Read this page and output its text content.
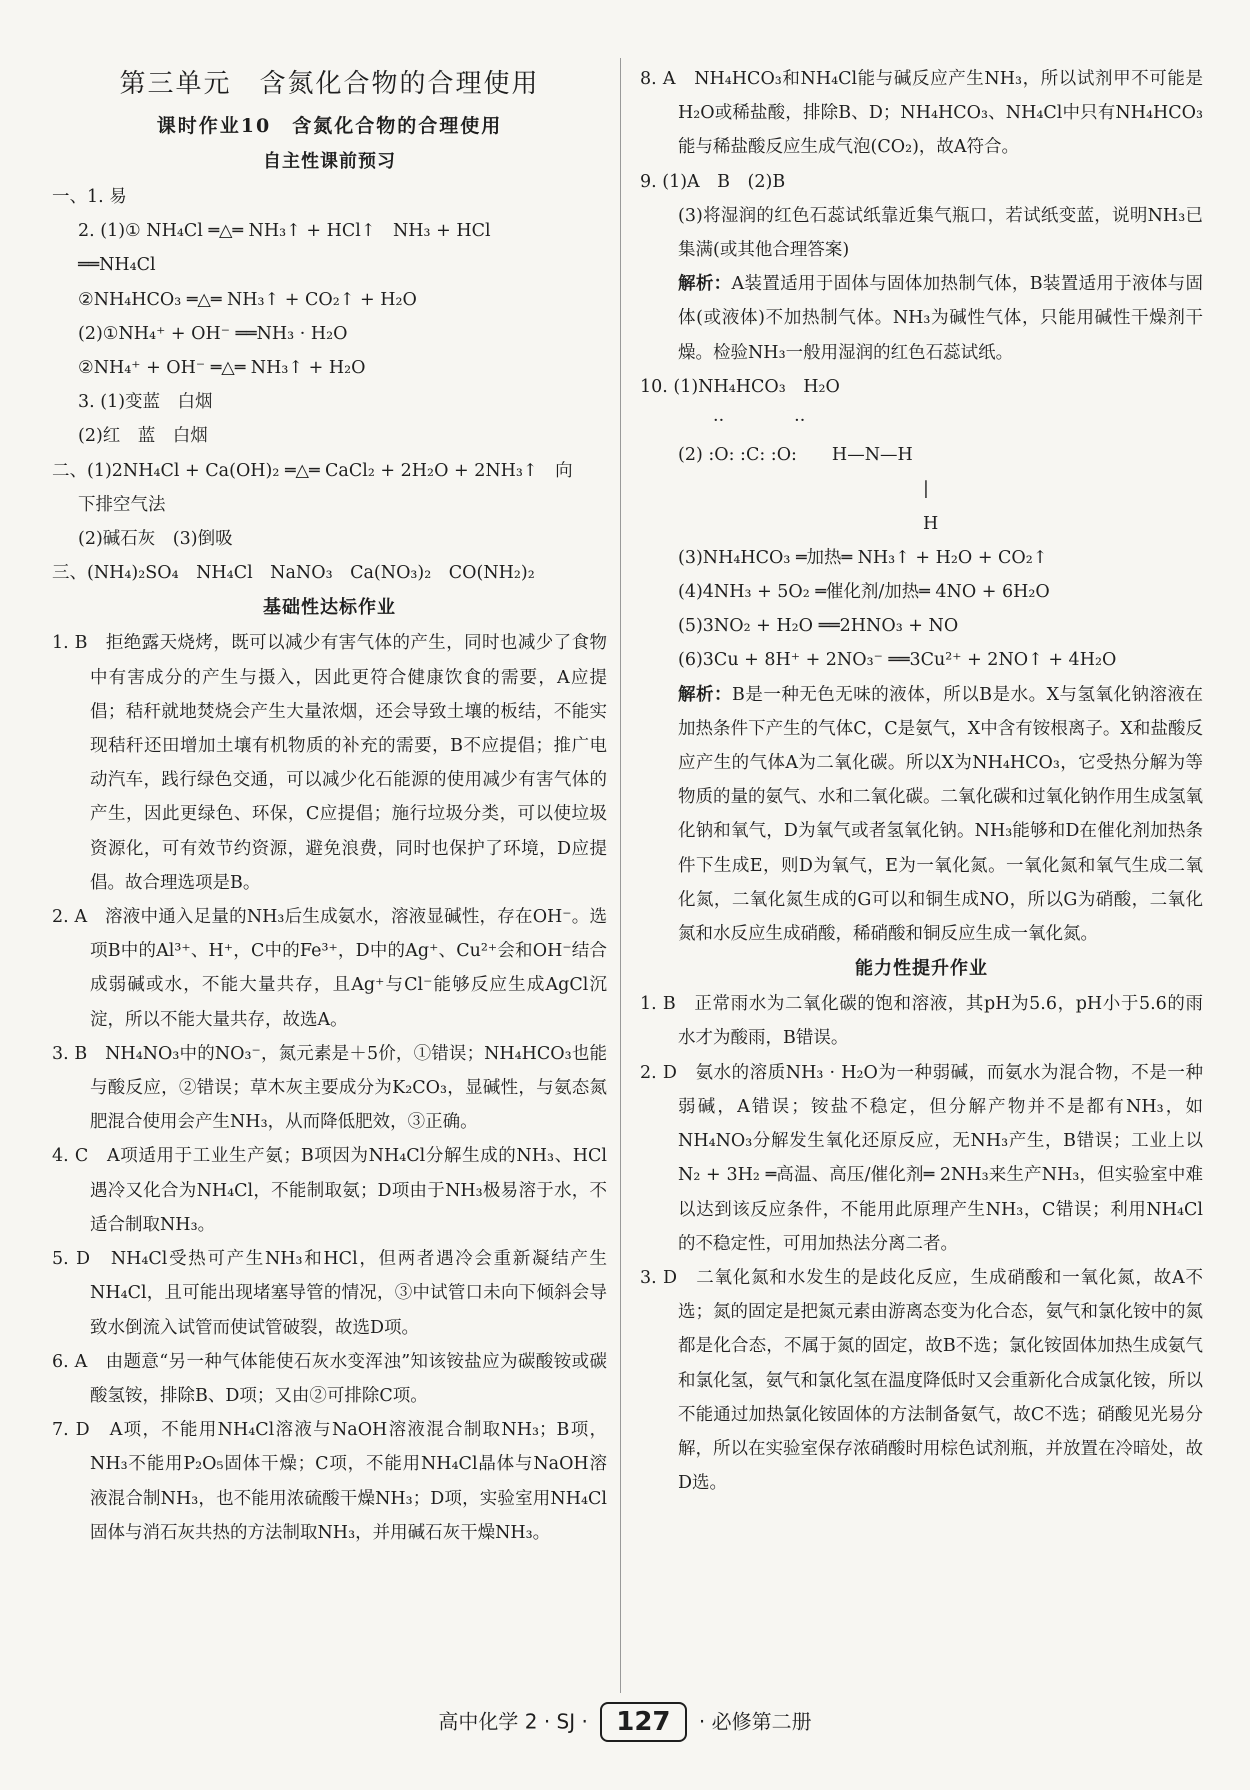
第三单元　含氮化合物的合理使用
课时作业10　含氮化合物的合理使用
自主性课前预习
一、1. 易
2. (1)① NH₄Cl ═△═ NH₃↑ + HCl↑　NH₃ + HCl
══NH₄Cl
②NH₄HCO₃ ═△═ NH₃↑ + CO₂↑ + H₂O
(2)①NH₄⁺ + OH⁻ ══NH₃ · H₂O
②NH₄⁺ + OH⁻ ═△═ NH₃↑ + H₂O
3. (1)变蓝　白烟
(2)红　蓝　白烟
二、(1)2NH₄Cl + Ca(OH)₂ ═△═ CaCl₂ + 2H₂O + 2NH₃↑　向
下排空气法
(2)碱石灰　(3)倒吸
三、(NH₄)₂SO₄　NH₄Cl　NaNO₃　Ca(NO₃)₂　CO(NH₂)₂
基础性达标作业
1. B　拒绝露天烧烤，既可以减少有害气体的产生，同时也减少了食物中有害成分的产生与摄入，因此更符合健康饮食的需要，A应提倡；秸秆就地焚烧会产生大量浓烟，还会导致土壤的板结，不能实现秸秆还田增加土壤有机物质的补充的需要，B不应提倡；推广电动汽车，践行绿色交通，可以减少化石能源的使用减少有害气体的产生，因此更绿色、环保，C应提倡；施行垃圾分类，可以使垃圾资源化，可有效节约资源，避免浪费，同时也保护了环境，D应提倡。故合理选项是B。
2. A　溶液中通入足量的NH₃后生成氨水，溶液显碱性，存在OH⁻。选项B中的Al³⁺、H⁺，C中的Fe³⁺，D中的Ag⁺、Cu²⁺会和OH⁻结合成弱碱或水，不能大量共存，且Ag⁺与Cl⁻能够反应生成AgCl沉淀，所以不能大量共存，故选A。
3. B　NH₄NO₃中的NO₃⁻，氮元素是＋5价，①错误；NH₄HCO₃也能与酸反应，②错误；草木灰主要成分为K₂CO₃，显碱性，与氨态氮肥混合使用会产生NH₃，从而降低肥效，③正确。
4. C　A项适用于工业生产氨；B项因为NH₄Cl分解生成的NH₃、HCl遇冷又化合为NH₄Cl，不能制取氨；D项由于NH₃极易溶于水，不适合制取NH₃。
5. D　NH₄Cl受热可产生NH₃和HCl，但两者遇冷会重新凝结产生NH₄Cl，且可能出现堵塞导管的情况，③中试管口未向下倾斜会导致水倒流入试管而使试管破裂，故选D项。
6. A　由题意“另一种气体能使石灰水变浑浊”知该铵盐应为碳酸铵或碳酸氢铵，排除B、D项；又由②可排除C项。
7. D　A项，不能用NH₄Cl溶液与NaOH溶液混合制取NH₃；B项，NH₃不能用P₂O₅固体干燥；C项，不能用NH₄Cl晶体与NaOH溶液混合制NH₃，也不能用浓硫酸干燥NH₃；D项，实验室用NH₄Cl固体与消石灰共热的方法制取NH₃，并用碱石灰干燥NH₃。
8. A　NH₄HCO₃和NH₄Cl能与碱反应产生NH₃，所以试剂甲不可能是H₂O或稀盐酸，排除B、D；NH₄HCO₃、NH₄Cl中只有NH₄HCO₃能与稀盐酸反应生成气泡(CO₂)，故A符合。
9. (1)A　B　(2)B
(3)将湿润的红色石蕊试纸靠近集气瓶口，若试纸变蓝，说明NH₃已集满(或其他合理答案)
解析：A装置适用于固体与固体加热制气体，B装置适用于液体与固体(或液体)不加热制气体。NH₃为碱性气体，只能用碱性干燥剂干燥。检验NH₃一般用湿润的红色石蕊试纸。
10. (1)NH₄HCO₃　H₂O
　　··　　　　··
(2) :O: :C: :O:　　H—N—H
　　　　　　　　　　　　　　|
　　　　　　　　　　　　　　H
(3)NH₄HCO₃ ═加热═ NH₃↑ + H₂O + CO₂↑
(4)4NH₃ + 5O₂ ═催化剂/加热═ 4NO + 6H₂O
(5)3NO₂ + H₂O ══2HNO₃ + NO
(6)3Cu + 8H⁺ + 2NO₃⁻ ══3Cu²⁺ + 2NO↑ + 4H₂O
解析：B是一种无色无味的液体，所以B是水。X与氢氧化钠溶液在加热条件下产生的气体C，C是氨气，X中含有铵根离子。X和盐酸反应产生的气体A为二氧化碳。所以X为NH₄HCO₃，它受热分解为等物质的量的氨气、水和二氧化碳。二氧化碳和过氧化钠作用生成氢氧化钠和氧气，D为氧气或者氢氧化钠。NH₃能够和D在催化剂加热条件下生成E，则D为氧气，E为一氧化氮。一氧化氮和氧气生成二氧化氮，二氧化氮生成的G可以和铜生成NO，所以G为硝酸，二氧化氮和水反应生成硝酸，稀硝酸和铜反应生成一氧化氮。
能力性提升作业
1. B　正常雨水为二氧化碳的饱和溶液，其pH为5.6，pH小于5.6的雨水才为酸雨，B错误。
2. D　氨水的溶质NH₃ · H₂O为一种弱碱，而氨水为混合物，不是一种弱碱，A错误；铵盐不稳定，但分解产物并不是都有NH₃，如NH₄NO₃分解发生氧化还原反应，无NH₃产生，B错误；工业上以N₂ + 3H₂ ═高温、高压/催化剂═ 2NH₃来生产NH₃，但实验室中难以达到该反应条件，不能用此原理产生NH₃，C错误；利用NH₄Cl的不稳定性，可用加热法分离二者。
3. D　二氧化氮和水发生的是歧化反应，生成硝酸和一氧化氮，故A不选；氮的固定是把氮元素由游离态变为化合态，氨气和氯化铵中的氮都是化合态，不属于氮的固定，故B不选；氯化铵固体加热生成氨气和氯化氢，氨气和氯化氢在温度降低时又会重新化合成氯化铵，所以不能通过加热氯化铵固体的方法制备氨气，故C不选；硝酸见光易分解，所以在实验室保存浓硝酸时用棕色试剂瓶，并放置在冷暗处，故D选。
高中化学 2 · SJ · 127 · 必修第二册
